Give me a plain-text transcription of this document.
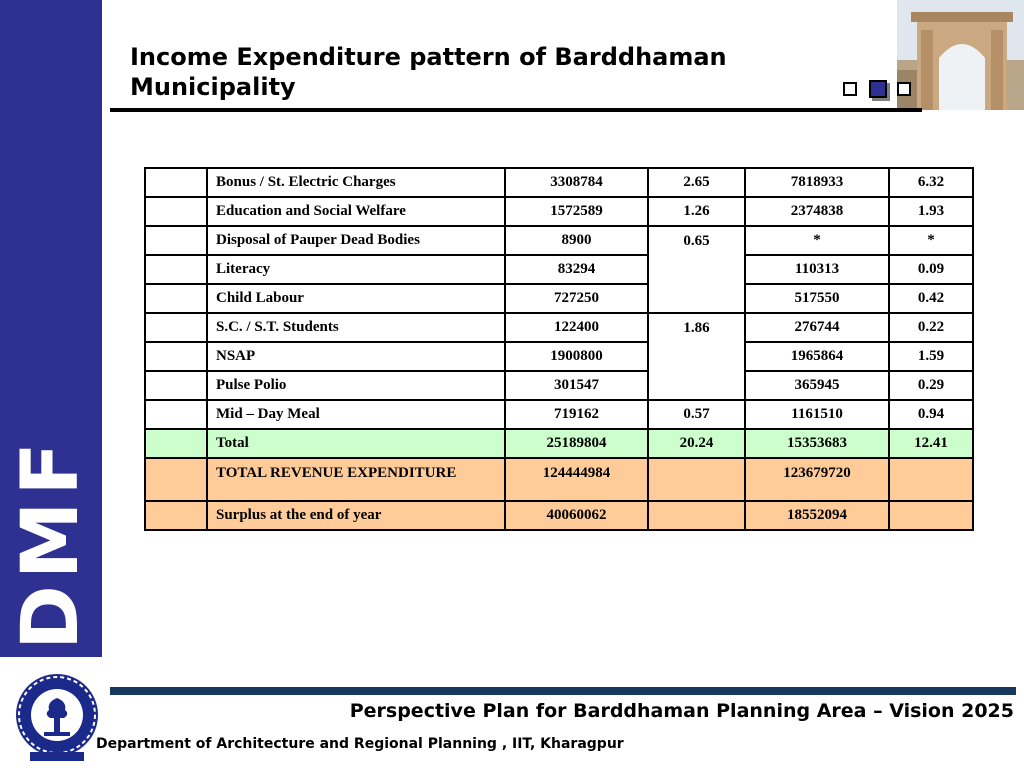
DMF
Income Expenditure pattern of Barddhaman Municipality
	Bonus / St. Electric Charges	3308784	2.65	7818933	6.32
	Education and Social Welfare	1572589	1.26	2374838	1.93
	Disposal of Pauper Dead Bodies	8900	0.65	*	*
	Literacy	83294		110313	0.09
	Child Labour	727250		517550	0.42
	S.C. / S.T. Students	122400	1.86	276744	0.22
	NSAP	1900800		1965864	1.59
	Pulse Polio	301547		365945	0.29
	Mid – Day Meal	719162	0.57	1161510	0.94
	Total	25189804	20.24	15353683	12.41
	TOTAL REVENUE EXPENDITURE	124444984		123679720	
	Surplus at the end of year	40060062		18552094	
Perspective Plan for Barddhaman Planning Area – Vision 2025
Department of Architecture and Regional Planning , IIT, Kharagpur
